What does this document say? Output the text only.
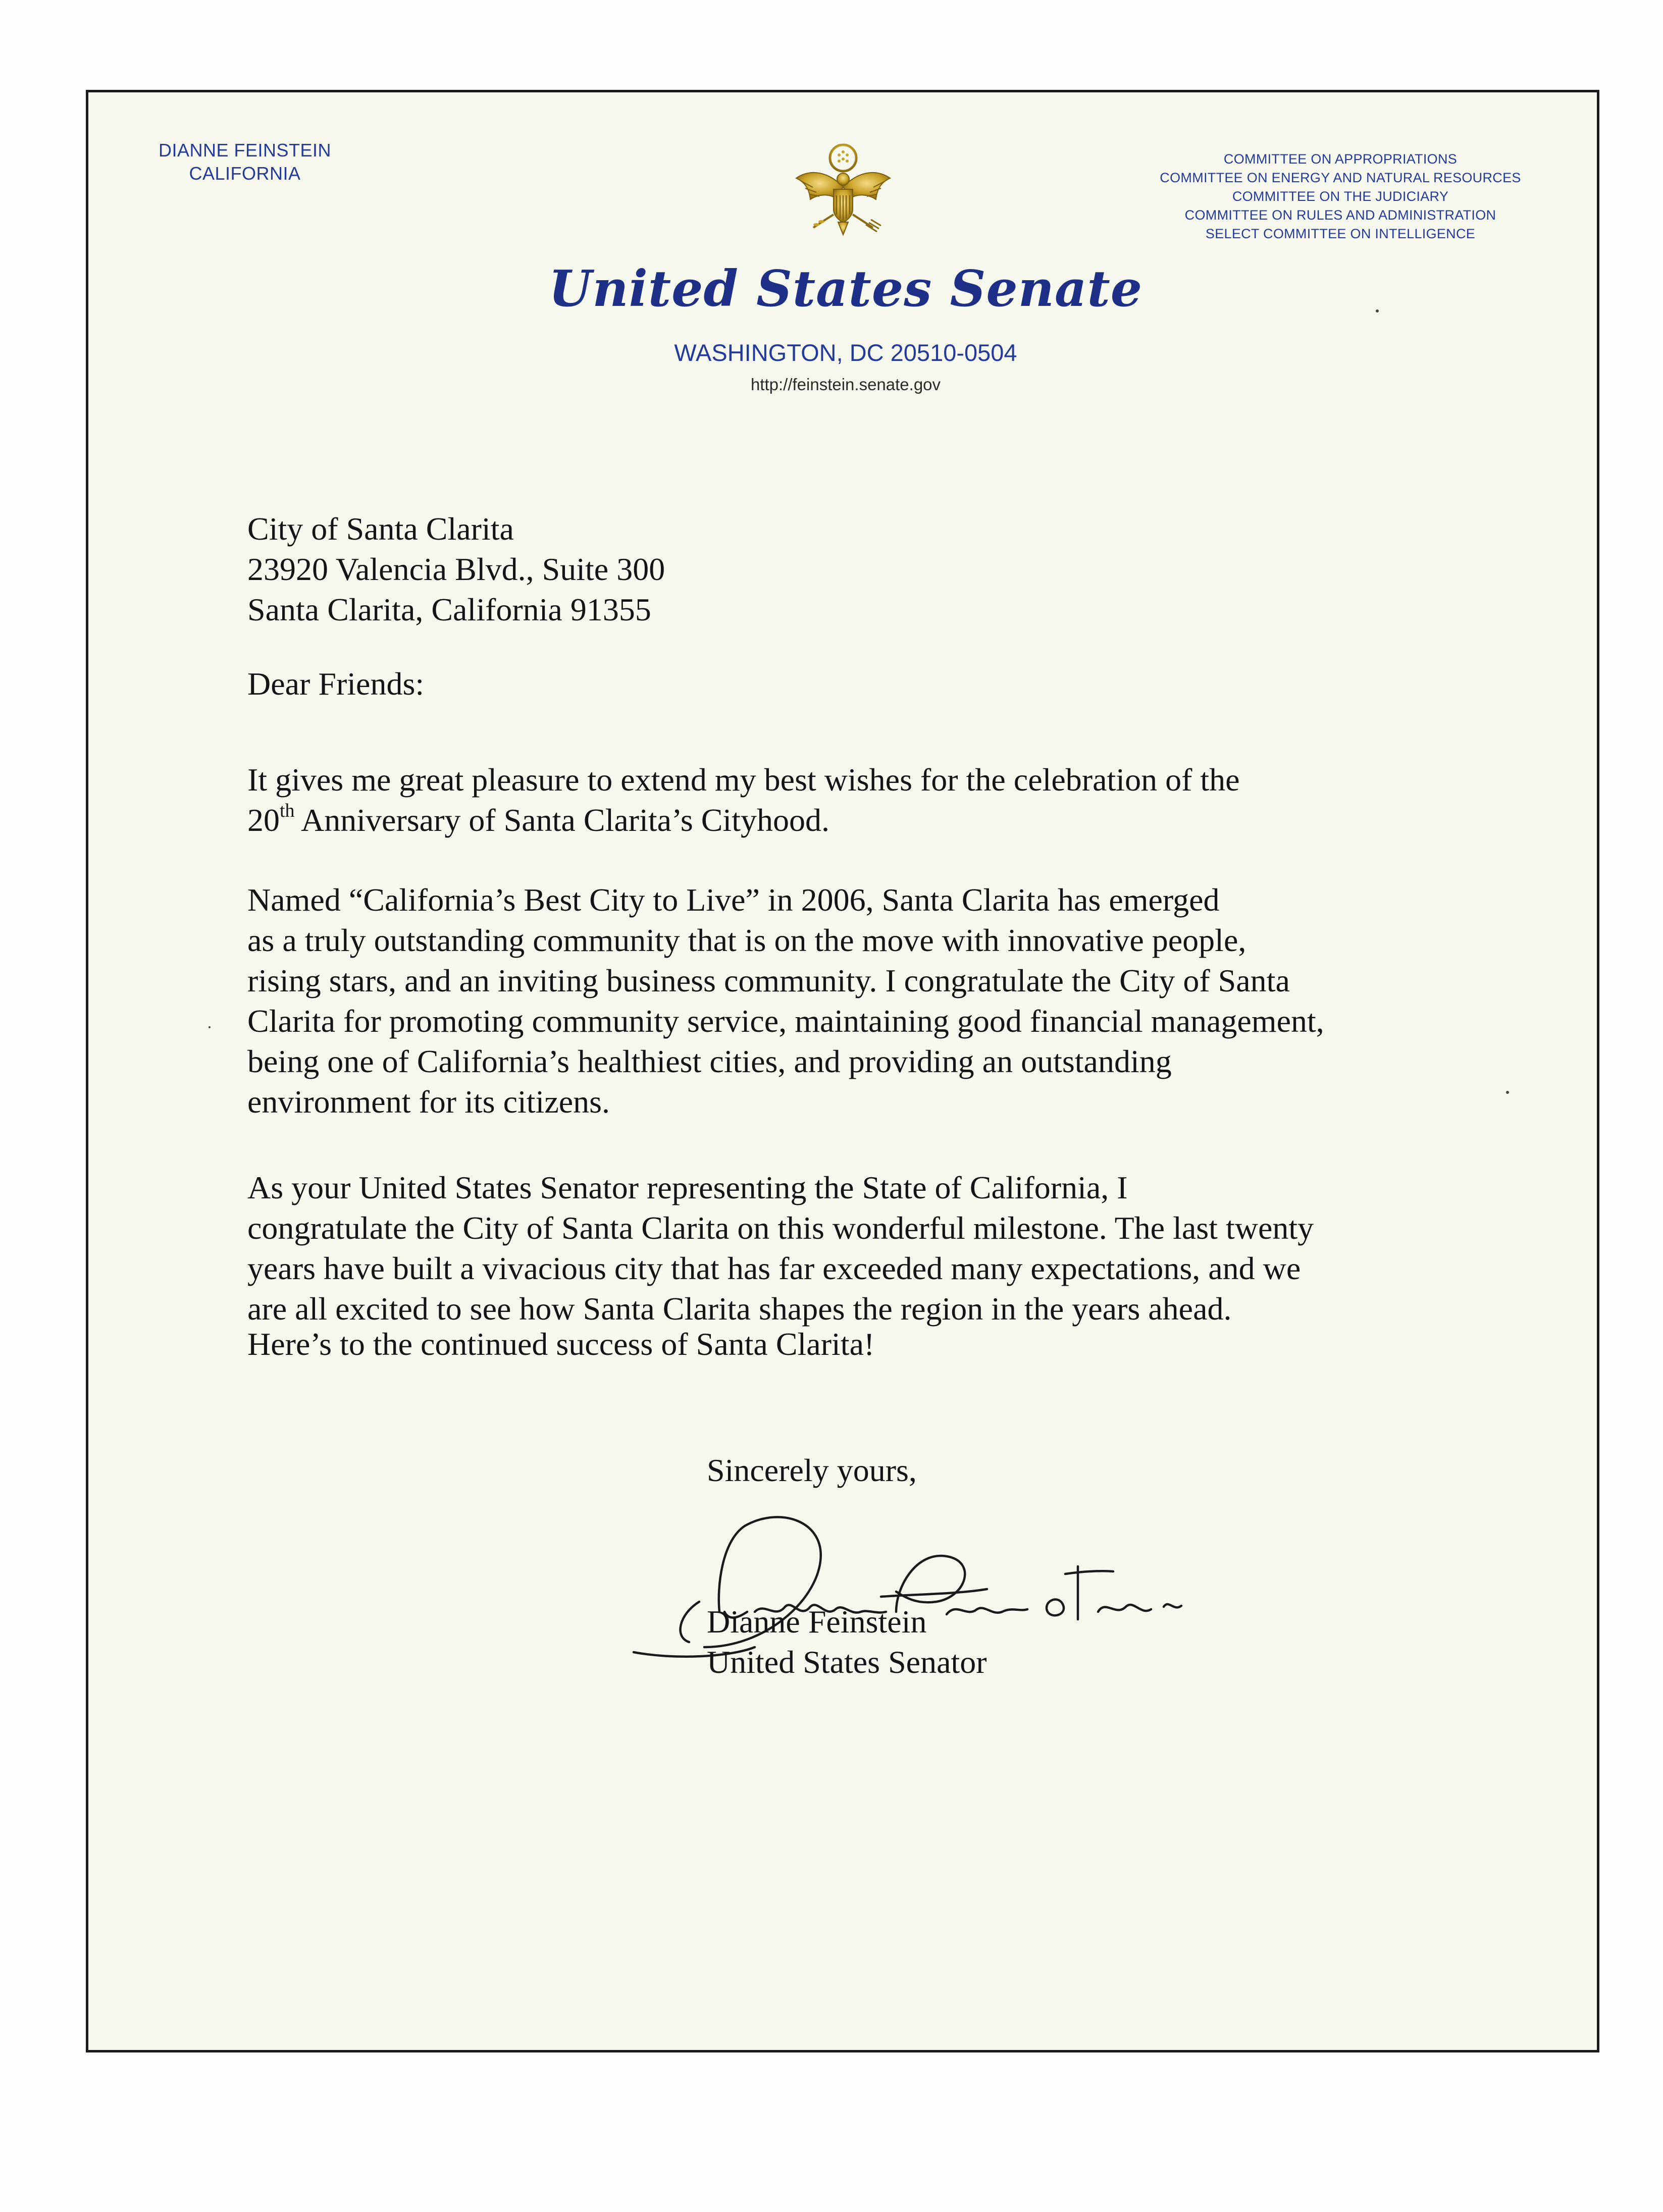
DIANNE FEINSTEIN
CALIFORNIA
COMMITTEE ON APPROPRIATIONS
COMMITTEE ON ENERGY AND NATURAL RESOURCES
COMMITTEE ON THE JUDICIARY
COMMITTEE ON RULES AND ADMINISTRATION
SELECT COMMITTEE ON INTELLIGENCE
United States Senate
WASHINGTON, DC 20510-0504
http://feinstein.senate.gov
City of Santa Clarita
23920 Valencia Blvd., Suite 300
Santa Clarita, California 91355
Dear Friends:
It gives me great pleasure to extend my best wishes for the celebration of the
20th Anniversary of Santa Clarita’s Cityhood.
Named “California’s Best City to Live” in 2006, Santa Clarita has emerged
as a truly outstanding community that is on the move with innovative people,
rising stars, and an inviting business community. I congratulate the City of Santa
Clarita for promoting community service, maintaining good financial management,
being one of California’s healthiest cities, and providing an outstanding
environment for its citizens.
As your United States Senator representing the State of California, I
congratulate the City of Santa Clarita on this wonderful milestone. The last twenty
years have built a vivacious city that has far exceeded many expectations, and we
are all excited to see how Santa Clarita shapes the region in the years ahead.
Here’s to the continued success of Santa Clarita!
Sincerely yours,
Dianne Feinstein
United States Senator
